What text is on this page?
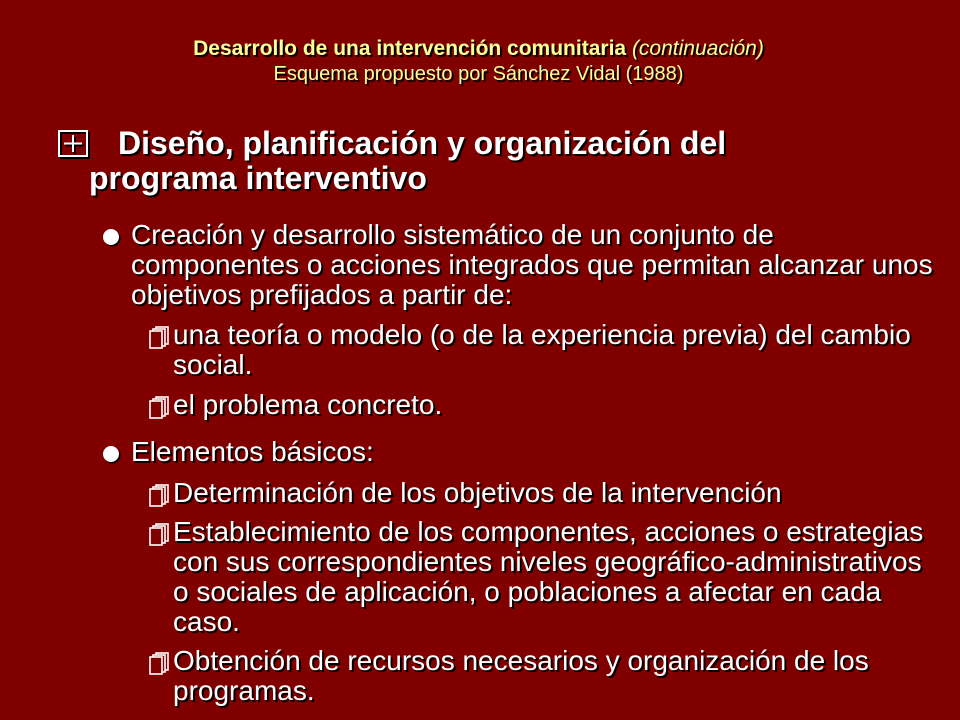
Desarrollo de una intervención comunitaria (continuación)
Esquema propuesto por Sánchez Vidal (1988)
Diseño, planificación y organización del
programa interventivo
Creación y desarrollo sistemático de un conjunto de componentes o acciones integrados que permitan alcanzar unos objetivos prefijados a partir de:
una teoría o modelo (o de la experiencia previa) del cambio social.
el problema concreto.
Elementos básicos:
Determinación de los objetivos de la intervención
Establecimiento de los componentes, acciones o estrategias con sus correspondientes niveles geográfico-administrativos o sociales de aplicación, o poblaciones a afectar en cada caso.
Obtención de recursos necesarios y organización de los programas.
